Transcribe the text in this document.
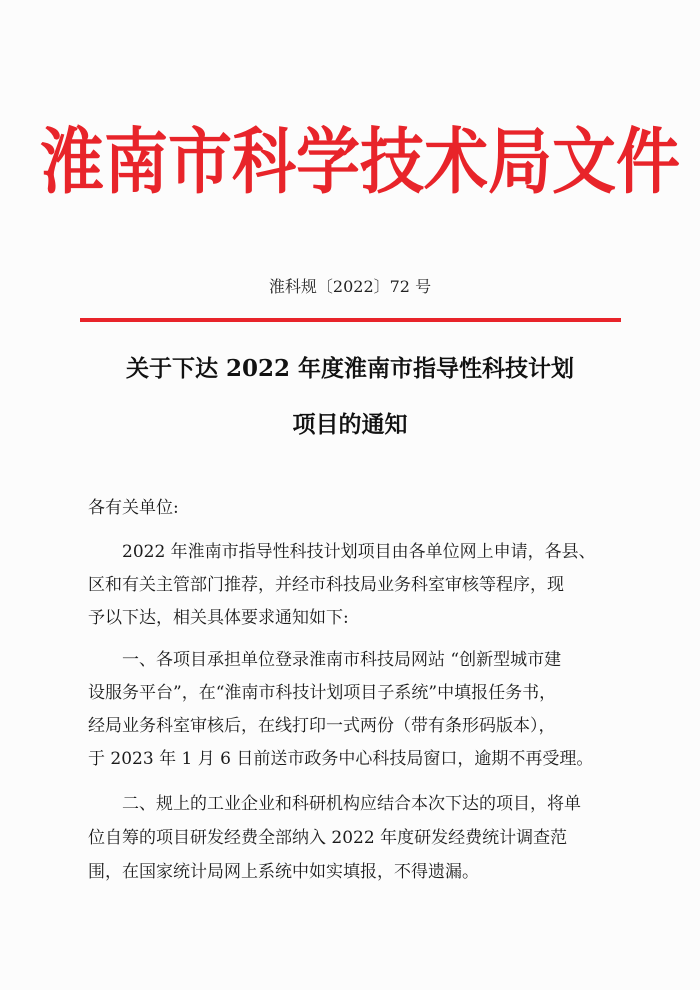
淮南市科学技术局文件
淮科规〔2022〕72 号
关于下达 2022 年度淮南市指导性科技计划
项目的通知
各有关单位:
2022 年淮南市指导性科技计划项目由各单位网上申请，各县、
区和有关主管部门推荐，并经市科技局业务科室审核等程序，现
予以下达，相关具体要求通知如下:
一、各项目承担单位登录淮南市科技局网站 “创新型城市建
设服务平台”，在“淮南市科技计划项目子系统”中填报任务书，
经局业务科室审核后，在线打印一式两份（带有条形码版本），
于 2023 年 1 月 6 日前送市政务中心科技局窗口，逾期不再受理。
二、规上的工业企业和科研机构应结合本次下达的项目，将单
位自筹的项目研发经费全部纳入 2022 年度研发经费统计调查范
围，在国家统计局网上系统中如实填报，不得遗漏。
